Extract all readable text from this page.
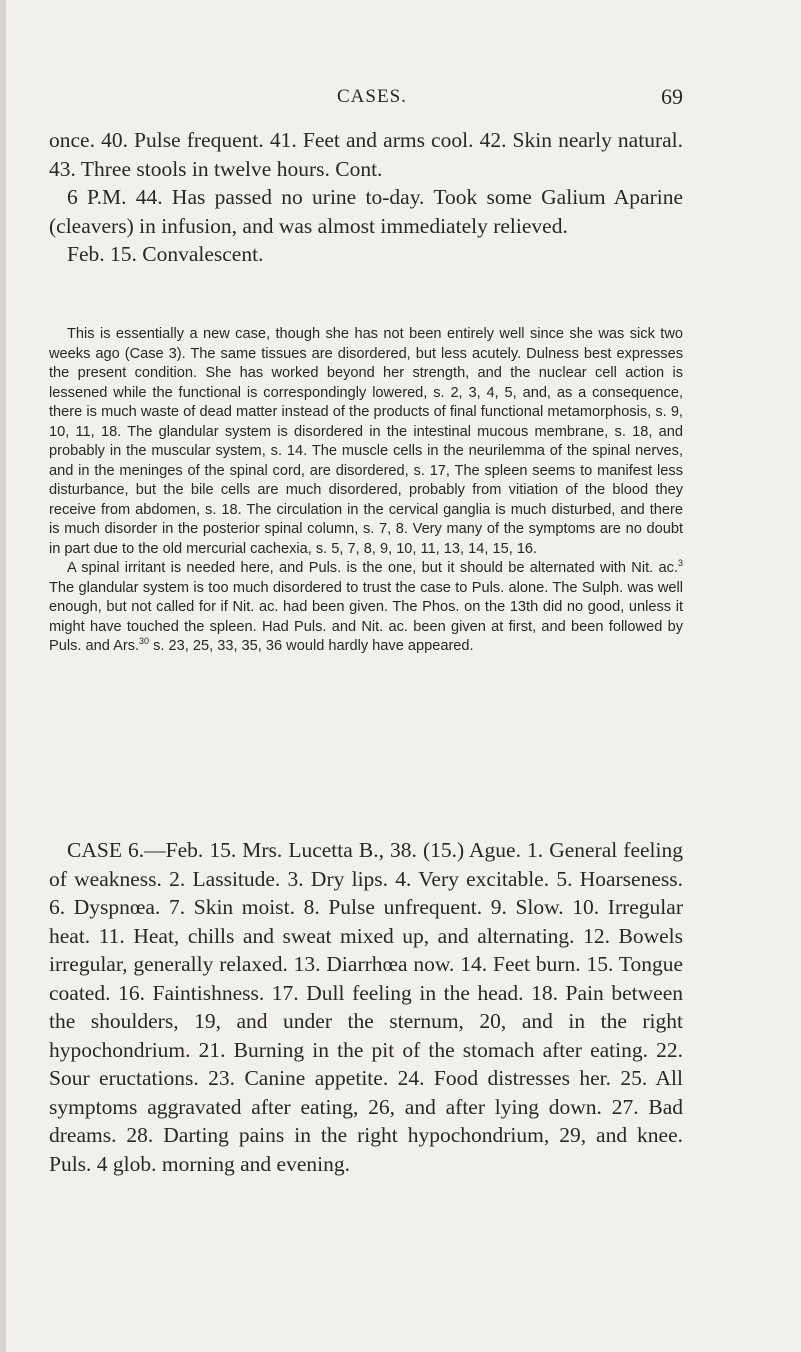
CASES.	69

once. 40. Pulse frequent. 41. Feet and arms cool. 42. Skin nearly natural. 43. Three stools in twelve hours. Cont.

6 P.M. 44. Has passed no urine to-day. Took some Galium Aparine (cleavers) in infusion, and was almost immediately relieved.

Feb. 15. Convalescent.

This is essentially a new case, though she has not been entirely well since she was sick two weeks ago (Case 3). The same tissues are disordered, but less acutely. Dulness best expresses the present condition. She has worked beyond her strength, and the nuclear cell action is lessened while the functional is correspondingly lowered, s. 2, 3, 4, 5, and, as a consequence, there is much waste of dead matter instead of the products of final functional metamorphosis, s. 9, 10, 11, 18. The glandular system is disordered in the intestinal mucous membrane, s. 18, and probably in the muscular system, s. 14. The muscle cells in the neurilemma of the spinal nerves, and in the meninges of the spinal cord, are disordered, s. 17, The spleen seems to manifest less disturbance, but the bile cells are much disordered, probably from vitiation of the blood they receive from abdomen, s. 18. The circulation in the cervical ganglia is much disturbed, and there is much disorder in the posterior spinal column, s. 7, 8. Very many of the symptoms are no doubt in part due to the old mercurial cachexia, s. 5, 7, 8, 9, 10, 11, 13, 14, 15, 16.

A spinal irritant is needed here, and Puls. is the one, but it should be alternated with Nit. ac.$^3$ The glandular system is too much disordered to trust the case to Puls. alone. The Sulph. was well enough, but not called for if Nit. ac. had been given. The Phos. on the 13th did no good, unless it might have touched the spleen. Had Puls. and Nit. ac. been given at first, and been followed by Puls. and Ars.$^{30}$ s. 23, 25, 33, 35, 36 would hardly have appeared.

CASE 6.—Feb. 15. Mrs. Lucetta B., 38. (15.) Ague. 1. General feeling of weakness. 2. Lassitude. 3. Dry lips. 4. Very excitable. 5. Hoarseness. 6. Dyspnœa. 7. Skin moist. 8. Pulse unfrequent. 9. Slow. 10. Irregular heat. 11. Heat, chills and sweat mixed up, and alternating. 12. Bowels irregular, generally relaxed. 13. Diarrhœa now. 14. Feet burn. 15. Tongue coated. 16. Faintishness. 17. Dull feeling in the head. 18. Pain between the shoulders, 19, and under the sternum, 20, and in the right hypochondrium. 21. Burning in the pit of the stomach after eating. 22. Sour eructations. 23. Canine appetite. 24. Food distresses her. 25. All symptoms aggravated after eating, 26, and after lying down. 27. Bad dreams. 28. Darting pains in the right hypochondrium, 29, and knee. Puls. 4 glob. morning and evening.
